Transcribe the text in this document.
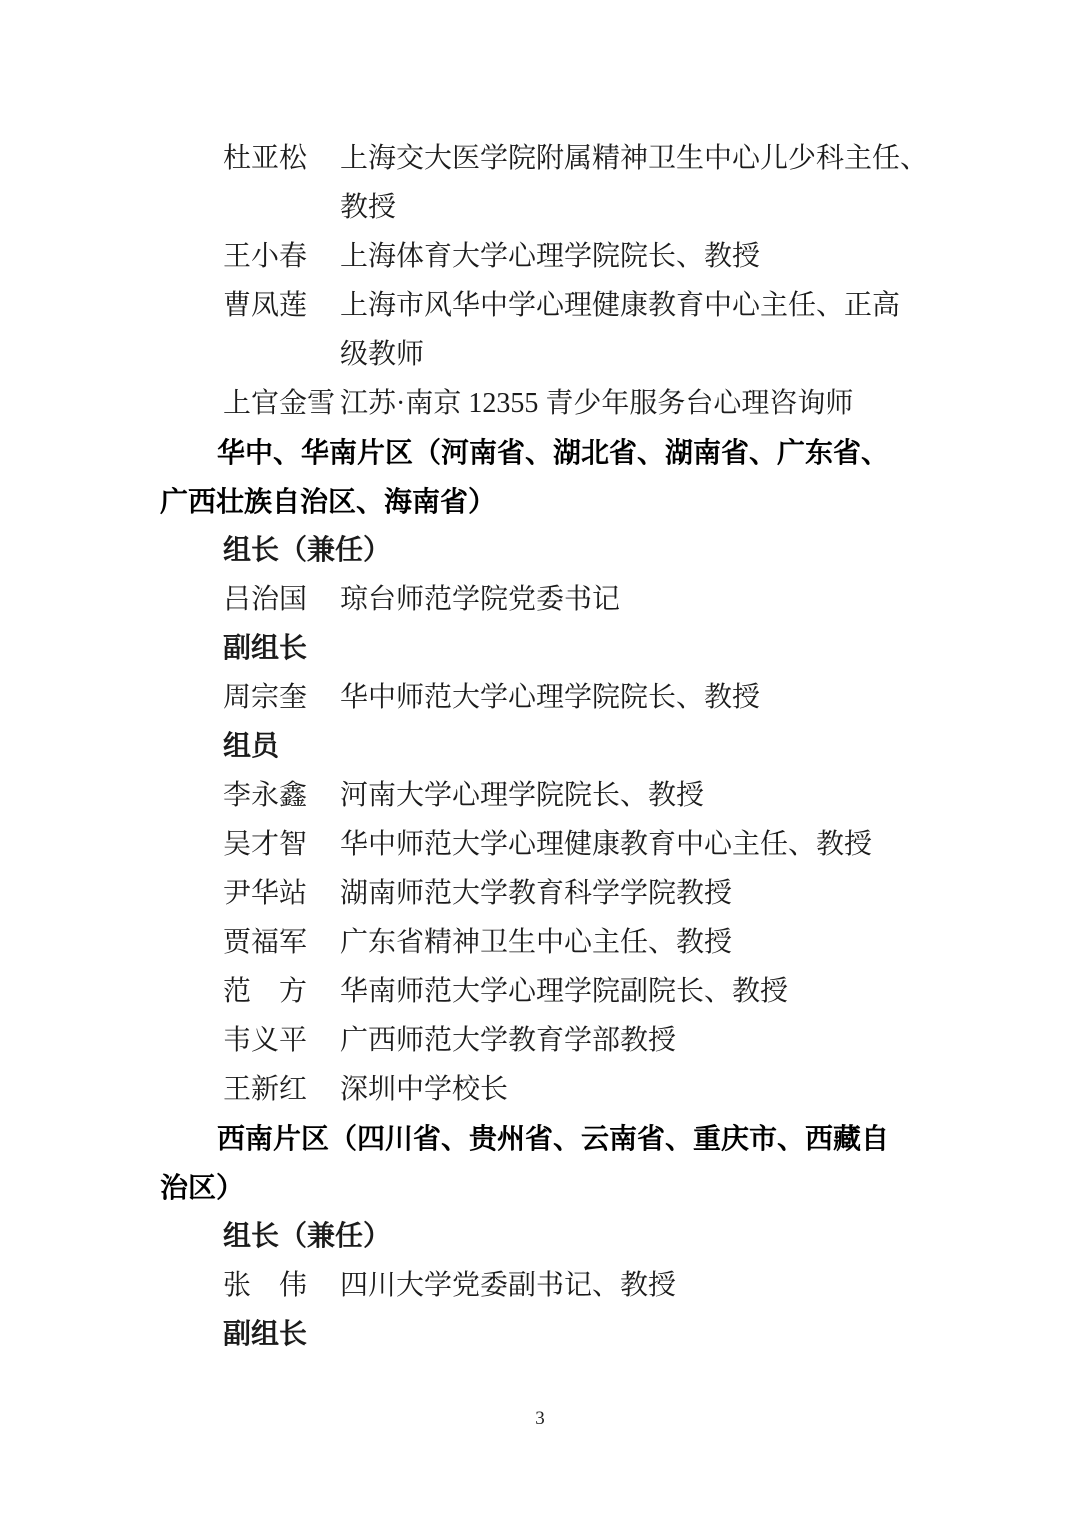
杜亚松 上海交大医学院附属精神卫生中心儿少科主任、
教授
王小春 上海体育大学心理学院院长、教授
曹凤莲 上海市风华中学心理健康教育中心主任、正高
级教师
上官金雪 江苏·南京 12355 青少年服务台心理咨询师
华中、华南片区（河南省、湖北省、湖南省、广东省、
广西壮族自治区、海南省）
组长（兼任）
吕治国 琼台师范学院党委书记
副组长
周宗奎 华中师范大学心理学院院长、教授
组员
李永鑫 河南大学心理学院院长、教授
吴才智 华中师范大学心理健康教育中心主任、教授
尹华站 湖南师范大学教育科学学院教授
贾福军 广东省精神卫生中心主任、教授
范　方 华南师范大学心理学院副院长、教授
韦义平 广西师范大学教育学部教授
王新红 深圳中学校长
西南片区（四川省、贵州省、云南省、重庆市、西藏自
治区）
组长（兼任）
张　伟 四川大学党委副书记、教授
副组长
3
